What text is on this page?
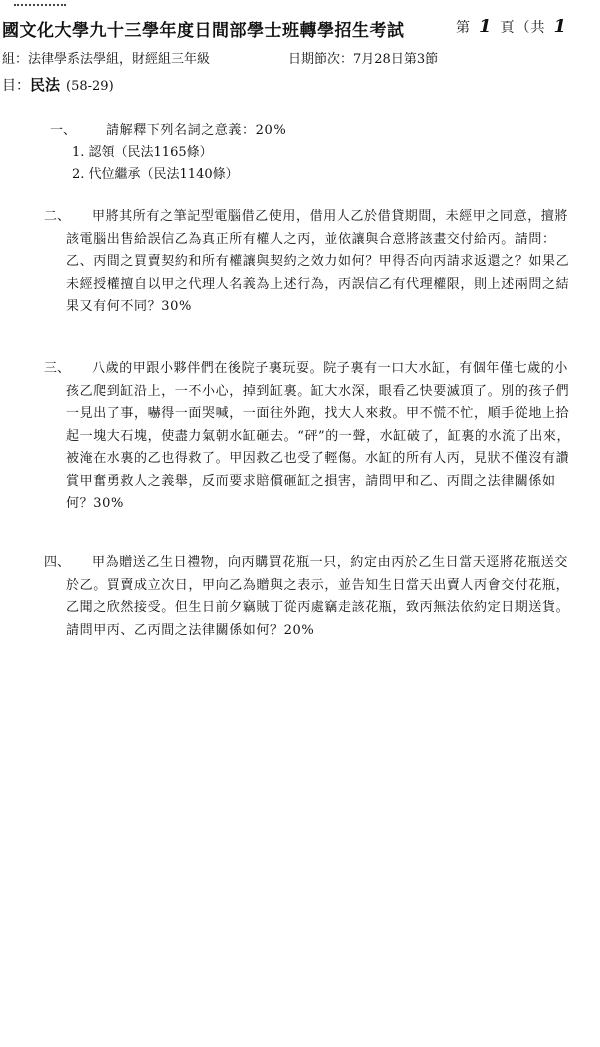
國文化大學九十三學年度日間部學士班轉學招生考試	第 1 頁（共 1
組：法律學系法學組，財經組三年級	日期節次：7月28日第3節
目：民法 (58-29)
一、	請解釋下列名詞之意義：20%
1. 認領（民法1165條）
2. 代位繼承（民法1140條）
二、	甲將其所有之筆記型電腦借乙使用，借用人乙於借貸期間，未經甲之同意，擅將該電腦出售給誤信乙為真正所有權人之丙，並依讓與合意將該畫交付給丙。請問：乙、丙間之買賣契約和所有權讓與契約之效力如何？甲得否向丙請求返還之？如果乙未經授權擅自以甲之代理人名義為上述行為，丙誤信乙有代理權限，則上述兩問之結果又有何不同？30%
三、	八歲的甲跟小夥伴們在後院子裏玩耍。院子裏有一口大水缸，有個年僅七歲的小孩乙爬到缸沿上，一不小心，掉到缸裏。缸大水深，眼看乙快要滅頂了。別的孩子們一見出了事，嚇得一面哭喊，一面往外跑，找大人來救。甲不慌不忙，順手從地上拾起一塊大石塊，使盡力氣朝水缸砸去。“砰”的一聲，水缸破了，缸裏的水流了出來，被淹在水裏的乙也得救了。甲因救乙也受了輕傷。水缸的所有人丙，見狀不僅沒有讚賞甲奮勇救人之義舉，反而要求賠償砸缸之損害，請問甲和乙、丙間之法律關係如何？30%
四、	甲為贈送乙生日禮物，向丙購買花瓶一只，約定由丙於乙生日當天逕將花瓶送交於乙。買賣成立次日，甲向乙為贈與之表示，並告知生日當天出賣人丙會交付花瓶，乙聞之欣然接受。但生日前夕竊賊丁從丙處竊走該花瓶，致丙無法依約定日期送貨。請問甲丙、乙丙間之法律關係如何？20%
